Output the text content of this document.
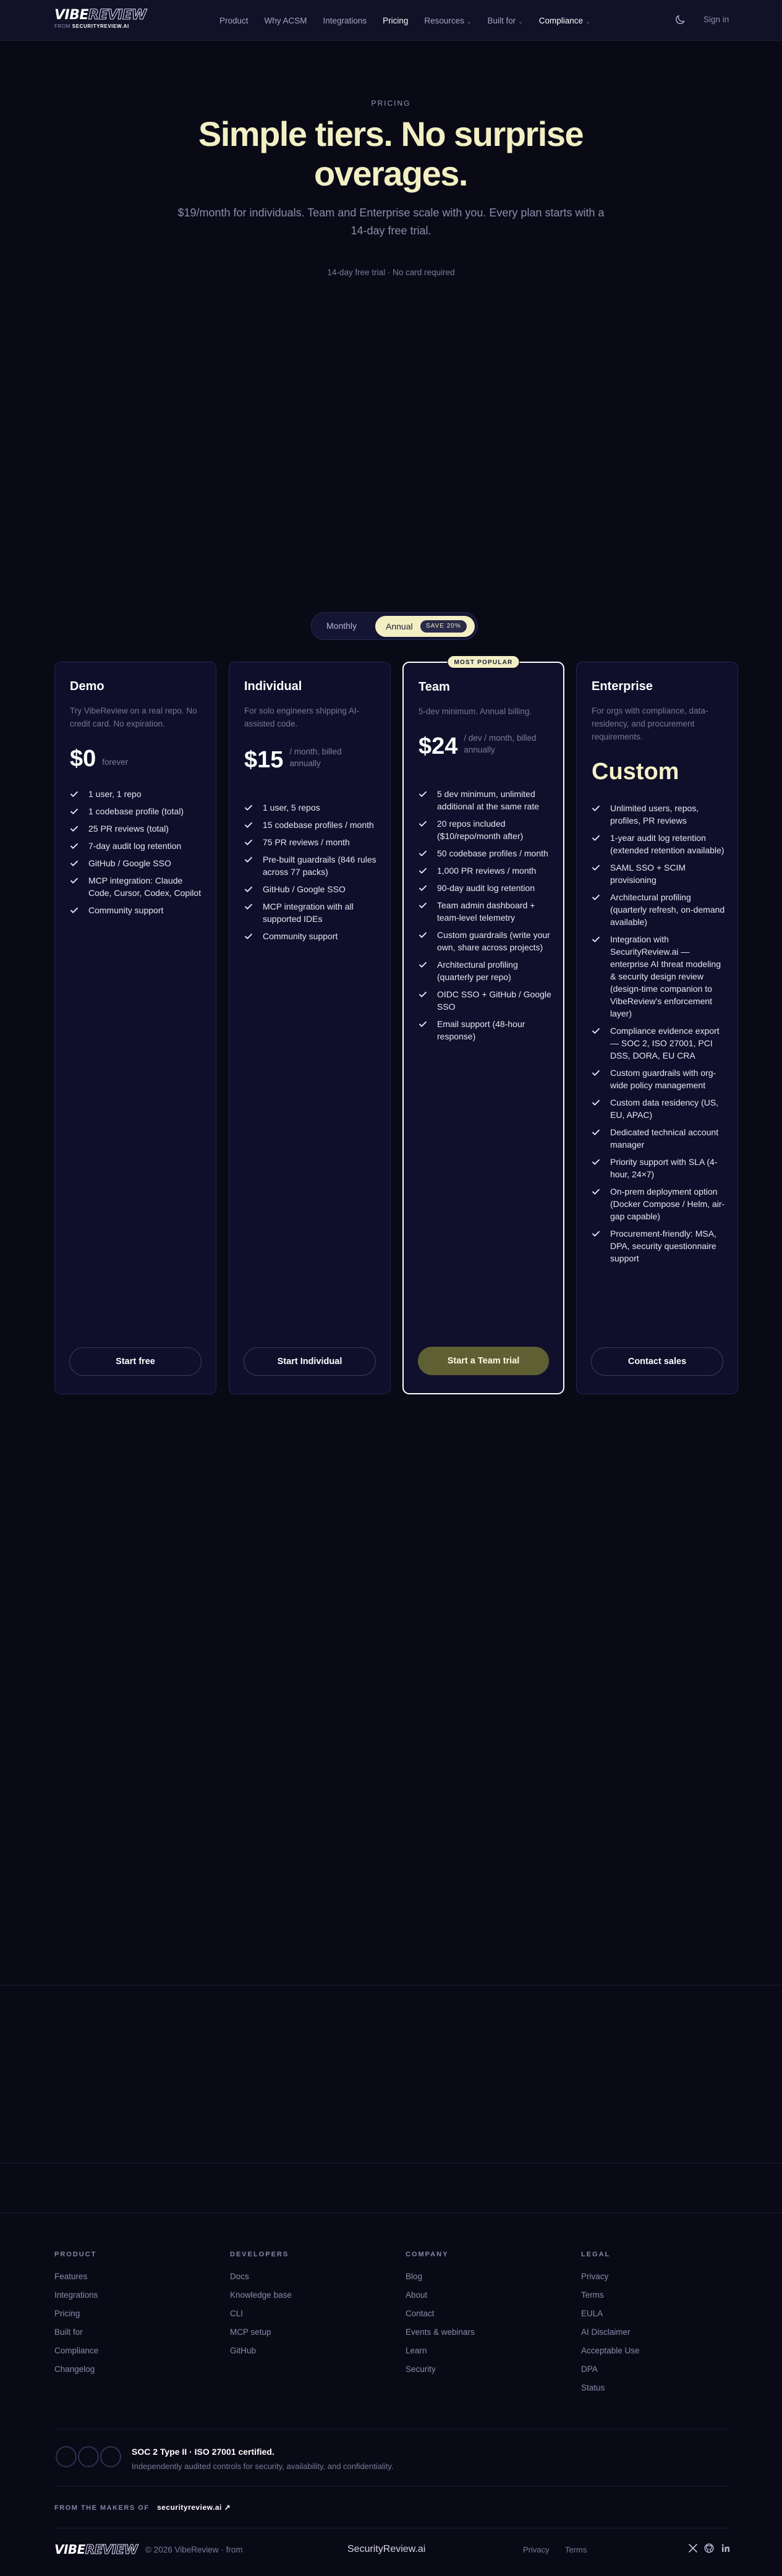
VIBEREVIEW
FROM SECURITYREVIEW.AI
Product Why ACSM Integrations Pricing Resources ⌄ Built for ⌄ Compliance ⌄	Sign in
PRICING
Simple tiers. No surprise overages.

$19/month for individuals. Team and Enterprise scale with you. Every plan starts with a 14-day free trial.

14-day free trial · No card required
Monthly	Annual	SAVE 20%
Demo
Try VibeReview on a real repo. No credit card. No expiration.
$0 forever
1 user, 1 repo
1 codebase profile (total)
25 PR reviews (total)
7-day audit log retention
GitHub / Google SSO
MCP integration: Claude Code, Cursor, Codex, Copilot
Community support
Start free
Individual
For solo engineers shipping AI-assisted code.
$15 / month, billed annually
1 user, 5 repos
15 codebase profiles / month
75 PR reviews / month
Pre-built guardrails (846 rules across 77 packs)
GitHub / Google SSO
MCP integration with all supported IDEs
Community support
Start Individual
MOST POPULAR
Team
5-dev minimum. Annual billing.
$24 / dev / month, billed annually
5 dev minimum, unlimited additional at the same rate
20 repos included ($10/repo/month after)
50 codebase profiles / month
1,000 PR reviews / month
90-day audit log retention
Team admin dashboard + team-level telemetry
Custom guardrails (write your own, share across projects)
Architectural profiling (quarterly per repo)
OIDC SSO + GitHub / Google SSO
Email support (48-hour response)
Start a Team trial
Enterprise
For orgs with compliance, data-residency, and procurement requirements.
Custom
Unlimited users, repos, profiles, PR reviews
1-year audit log retention (extended retention available)
SAML SSO + SCIM provisioning
Architectural profiling (quarterly refresh, on-demand available)
Integration with SecurityReview.ai — enterprise AI threat modeling & security design review (design-time companion to VibeReview's enforcement layer)
Compliance evidence export — SOC 2, ISO 27001, PCI DSS, DORA, EU CRA
Custom guardrails with org-wide policy management
Custom data residency (US, EU, APAC)
Dedicated technical account manager
Priority support with SLA (4-hour, 24×7)
On-prem deployment option (Docker Compose / Helm, air-gap capable)
Procurement-friendly: MSA, DPA, security questionnaire support
Contact sales
PRODUCT
Features
Integrations
Pricing
Built for
Compliance
Changelog
DEVELOPERS
Docs
Knowledge base
CLI
MCP setup
GitHub
COMPANY
Blog
About
Contact
Events & webinars
Learn
Security
LEGAL
Privacy
Terms
EULA
AI Disclaimer
Acceptable Use
DPA
Status
SOC 2 Type II · ISO 27001 certified.
Independently audited controls for security, availability, and confidentiality.
FROM THE MAKERS OF securityreview.ai ↗
VIBEREVIEW © 2026 VibeReview · from	SecurityReview.ai	Privacy Terms
